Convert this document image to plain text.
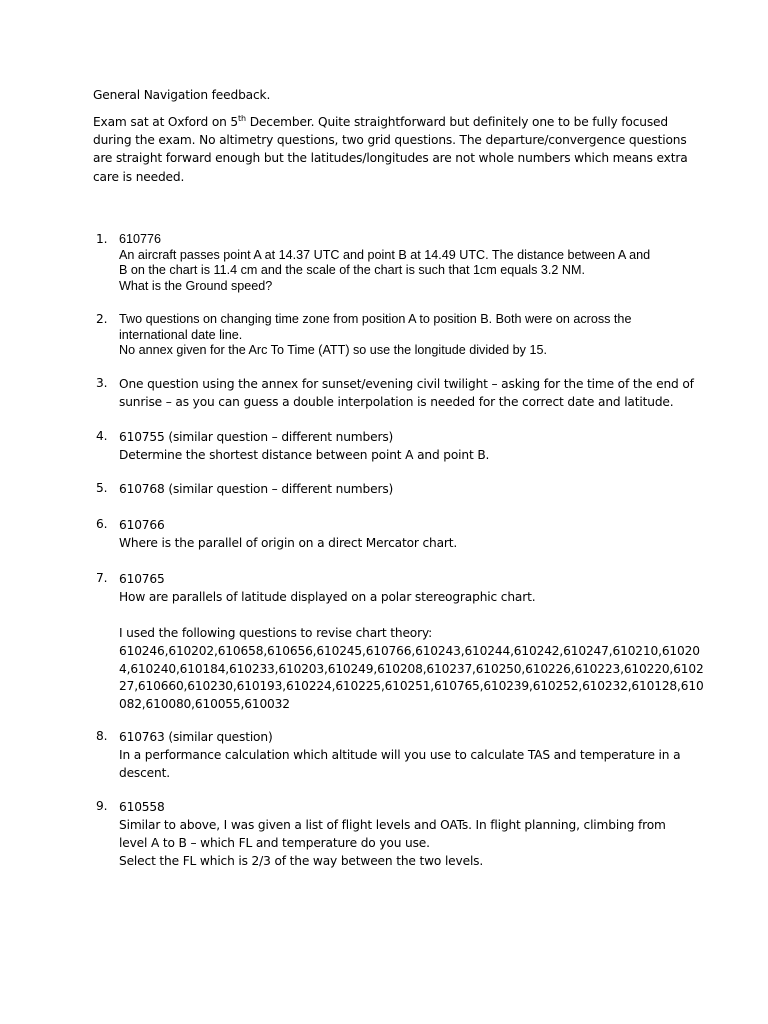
General Navigation feedback.
Exam sat at Oxford on 5th December. Quite straightforward but definitely one to be fully focused
during the exam. No altimetry questions, two grid questions. The departure/convergence questions
are straight forward enough but the latitudes/longitudes are not whole numbers which means extra
care is needed.
1. 610776
An aircraft passes point A at 14.37 UTC and point B at 14.49 UTC. The distance between A and
B on the chart is 11.4 cm and the scale of the chart is such that 1cm equals 3.2 NM.
What is the Ground speed?
2. Two questions on changing time zone from position A to position B. Both were on across the
international date line.
No annex given for the Arc To Time (ATT) so use the longitude divided by 15.
3. One question using the annex for sunset/evening civil twilight – asking for the time of the end of
sunrise – as you can guess a double interpolation is needed for the correct date and latitude.
4. 610755 (similar question – different numbers)
Determine the shortest distance between point A and point B.
5. 610768 (similar question – different numbers)
6. 610766
Where is the parallel of origin on a direct Mercator chart.
7. 610765
How are parallels of latitude displayed on a polar stereographic chart.
I used the following questions to revise chart theory:
610246,610202,610658,610656,610245,610766,610243,610244,610242,610247,610210,61020
4,610240,610184,610233,610203,610249,610208,610237,610250,610226,610223,610220,6102
27,610660,610230,610193,610224,610225,610251,610765,610239,610252,610232,610128,610
082,610080,610055,610032
8. 610763 (similar question)
In a performance calculation which altitude will you use to calculate TAS and temperature in a
descent.
9. 610558
Similar to above, I was given a list of flight levels and OATs. In flight planning, climbing from
level A to B – which FL and temperature do you use.
Select the FL which is 2/3 of the way between the two levels.
